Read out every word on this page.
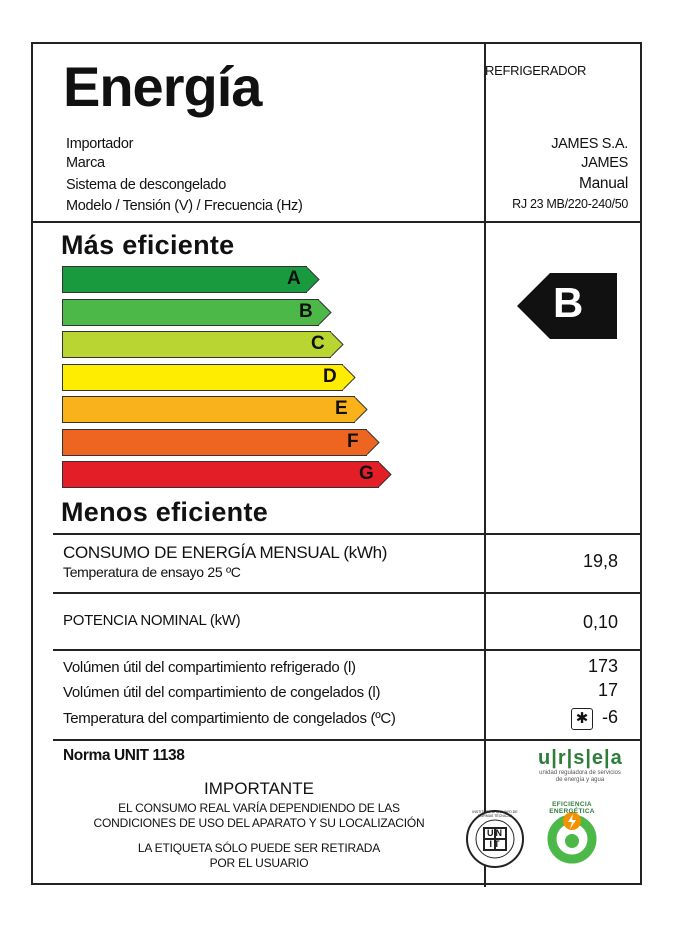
Energía	REFRIGERADOR
Importador
Marca
Sistema de descongelado
Modelo / Tensión (V) / Frecuencia (Hz)
JAMES S.A.
JAMES
Manual
RJ 23 MB/220-240/50
Más eficiente
A
B
C
D
E
F
G
B
Menos eficiente
CONSUMO DE ENERGÍA MENSUAL (kWh)
Temperatura de ensayo 25 ºC
19,8
POTENCIA NOMINAL (kW)	0,10
Volúmen útil del compartimiento refrigerado (l)
Volúmen útil del compartimiento de congelados (l)
Temperatura del compartimiento de congelados (ºC)
173
17
-6
✱
Norma UNIT 1138
IMPORTANTE
EL CONSUMO REAL VARÍA DEPENDIENDO DE LAS
CONDICIONES DE USO DEL APARATO Y SU LOCALIZACIÓN
LA ETIQUETA SÓLO PUEDE SER RETIRADA
POR EL USUARIO
u|r|s|e|a
unidad reguladora de servicios de energía y agua
UN IT
INSTITUTO URUGUAYO DE NORMAS TÉCNICAS
EFICIENCIA ENERGÉTICA
